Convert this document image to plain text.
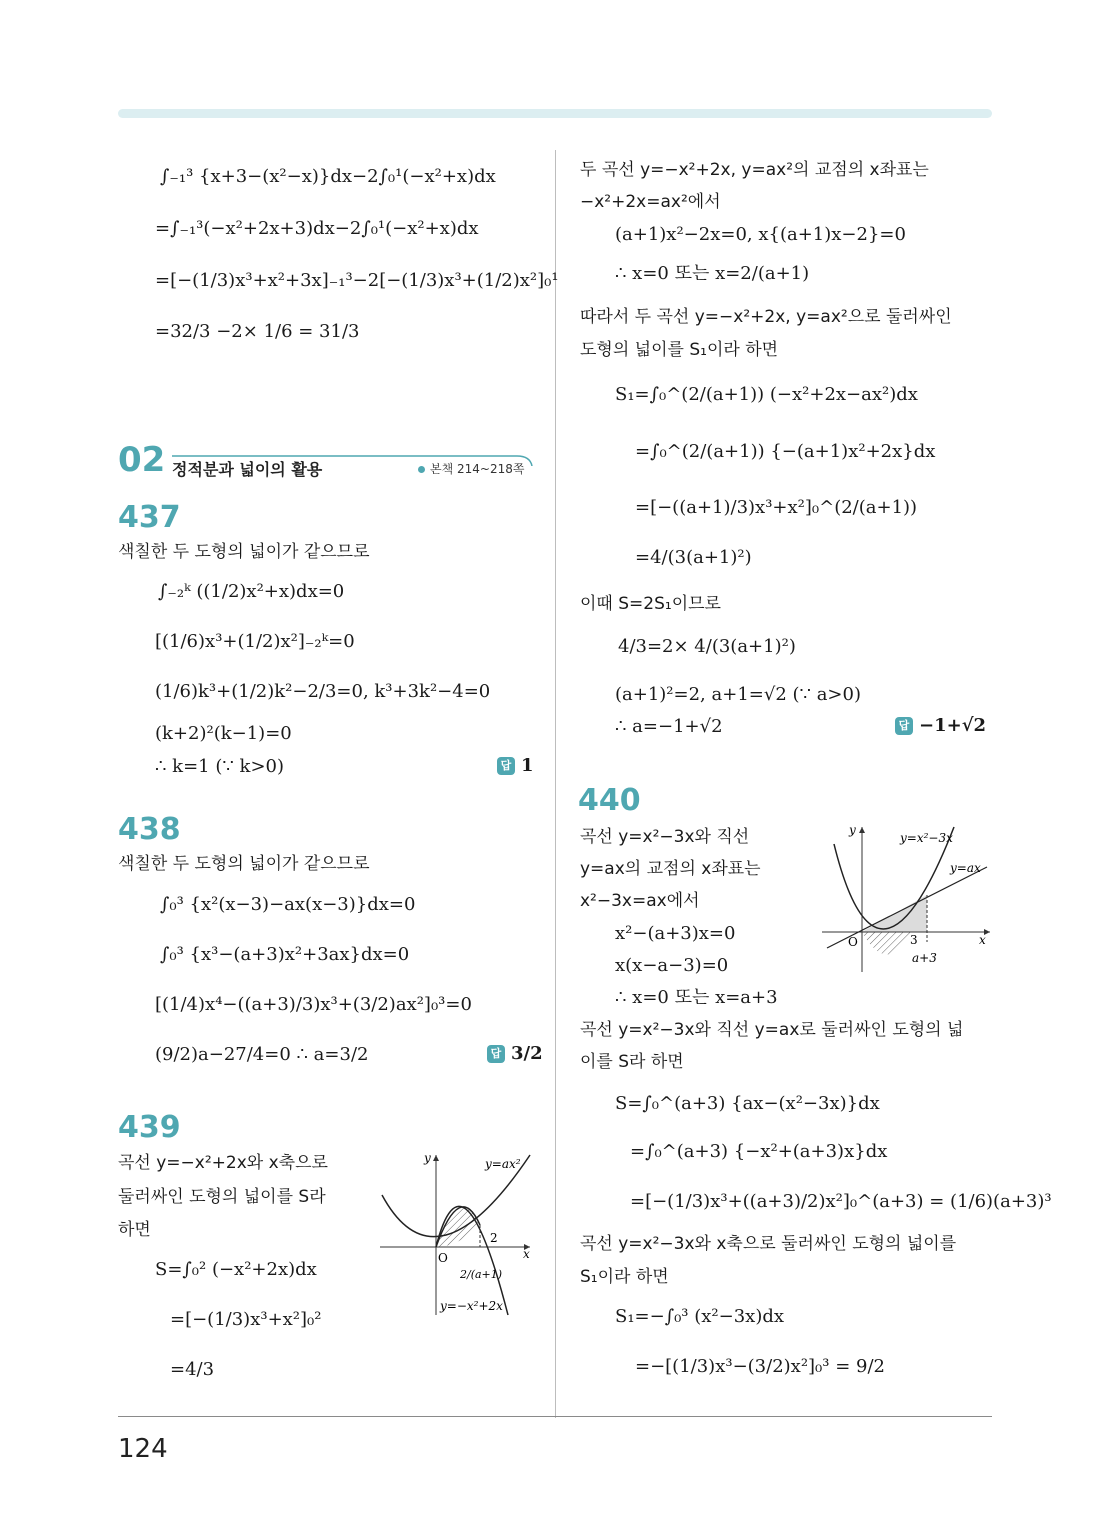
∫₋₁³ {x+3−(x²−x)}dx−2∫₀¹(−x²+x)dx
=∫₋₁³(−x²+2x+3)dx−2∫₀¹(−x²+x)dx
=[−(1/3)x³+x²+3x]₋₁³−2[−(1/3)x³+(1/2)x²]₀¹
=32/3 −2× 1/6 = 31/3
02 정적분과 넓이의 활용	본책 214~218쪽
437
색칠한 두 도형의 넓이가 같으므로
∫₋₂ᵏ ((1/2)x²+x)dx=0
[(1/6)x³+(1/2)x²]₋₂ᵏ=0
(1/6)k³+(1/2)k²−2/3=0, k³+3k²−4=0
(k+2)²(k−1)=0
∴ k=1 (∵ k>0)	답 1
438
색칠한 두 도형의 넓이가 같으므로
∫₀³ {x²(x−3)−ax(x−3)}dx=0
∫₀³ {x³−(a+3)x²+3ax}dx=0
[(1/4)x⁴−((a+3)/3)x³+(3/2)ax²]₀³=0
(9/2)a−27/4=0 ∴ a=3/2	답 3/2
439
곡선 y=−x²+2x와 x축으로
둘러싸인 도형의 넓이를 S라
하면
S=∫₀² (−x²+2x)dx
=[−(1/3)x³+x²]₀²
=4/3
y
x
O
y=ax²
y=−x²+2x
2/(a+1)
2
두 곡선 y=−x²+2x, y=ax²의 교점의 x좌표는
−x²+2x=ax²에서
(a+1)x²−2x=0, x{(a+1)x−2}=0
∴ x=0 또는 x=2/(a+1)
따라서 두 곡선 y=−x²+2x, y=ax²으로 둘러싸인
도형의 넓이를 S₁이라 하면
S₁=∫₀^(2/(a+1)) (−x²+2x−ax²)dx
=∫₀^(2/(a+1)) {−(a+1)x²+2x}dx
=[−((a+1)/3)x³+x²]₀^(2/(a+1))
=4/(3(a+1)²)
이때 S=2S₁이므로
4/3=2× 4/(3(a+1)²)
(a+1)²=2, a+1=√2 (∵ a>0)
∴ a=−1+√2	답 −1+√2
440
곡선 y=x²−3x와 직선
y=ax의 교점의 x좌표는
x²−3x=ax에서
x²−(a+3)x=0
x(x−a−3)=0
∴ x=0 또는 x=a+3
곡선 y=x²−3x와 직선 y=ax로 둘러싸인 도형의 넓
이를 S라 하면
S=∫₀^(a+3) {ax−(x²−3x)}dx
=∫₀^(a+3) {−x²+(a+3)x}dx
=[−(1/3)x³+((a+3)/2)x²]₀^(a+3) = (1/6)(a+3)³
곡선 y=x²−3x와 x축으로 둘러싸인 도형의 넓이를
S₁이라 하면
S₁=−∫₀³ (x²−3x)dx
=−[(1/3)x³−(3/2)x²]₀³ = 9/2
y
x
O
y=x²−3x
y=ax
3
a+3
124
